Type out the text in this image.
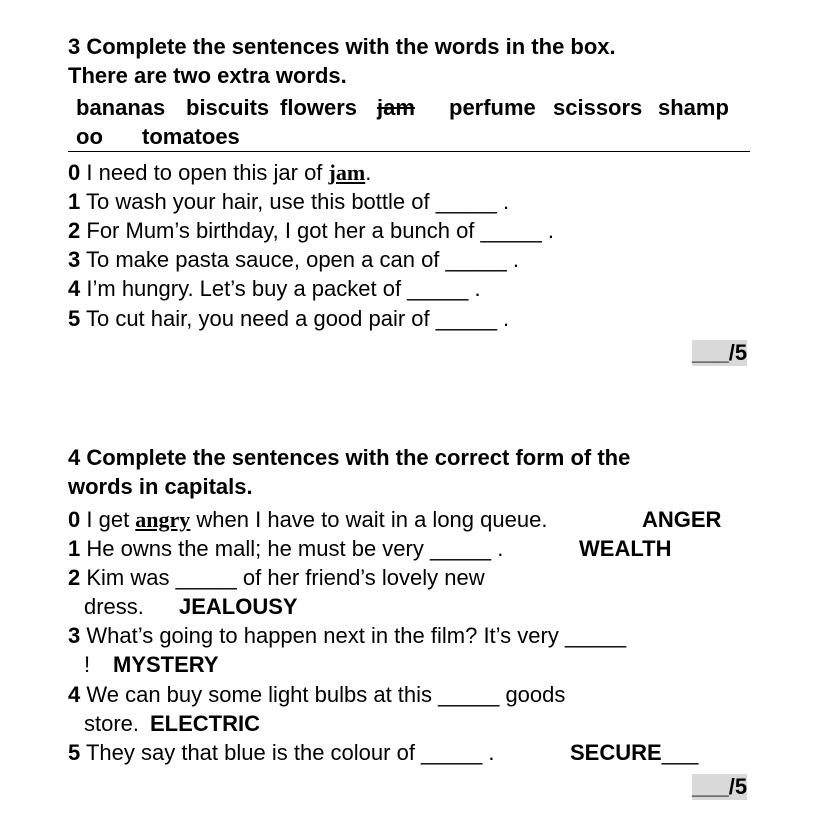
3 Complete the sentences with the words in the box.
There are two extra words.
bananas biscuits flowers jam perfume scissors shamp
oo tomatoes
0 I need to open this jar of jam.
1 To wash your hair, use this bottle of _____ .
2 For Mum’s birthday, I got her a bunch of _____ .
3 To make pasta sauce, open a can of _____ .
4 I’m hungry. Let’s buy a packet of _____ .
5 To cut hair, you need a good pair of _____ .
___/5
4 Complete the sentences with the correct form of the
words in capitals.
0 I get angry when I have to wait in a long queue.	ANGER
1 He owns the mall; he must be very _____ .	WEALTH
2 Kim was _____ of her friend’s lovely new
dress. JEALOUSY
3 What’s going to happen next in the film? It’s very _____
! MYSTERY
4 We can buy some light bulbs at this _____ goods
store. ELECTRIC
5 They say that blue is the colour of _____ .	SECURE___
___/5
